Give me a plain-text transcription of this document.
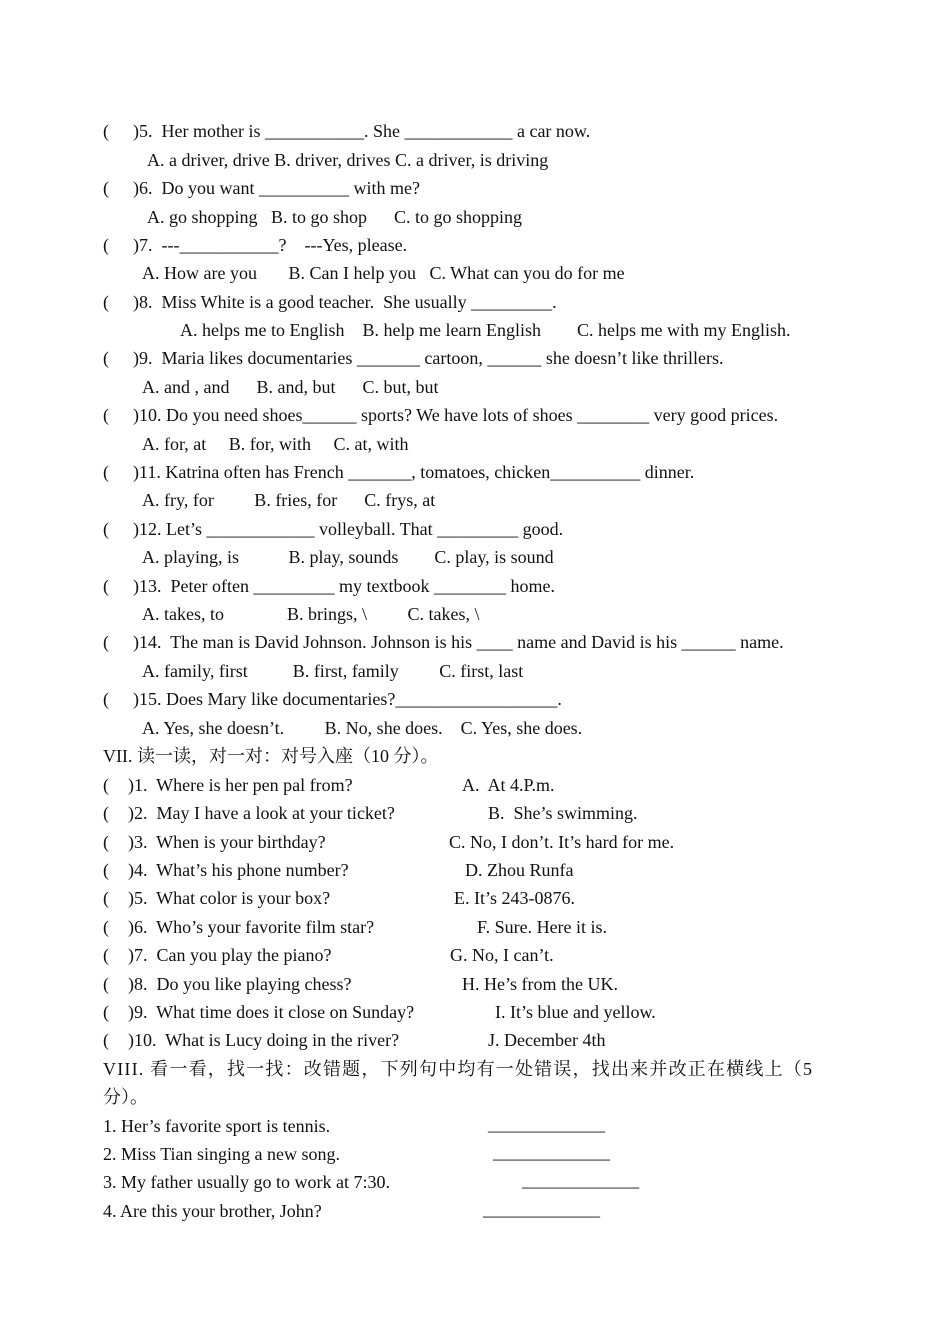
( )5.  Her mother is ___________. She ____________ a car now.
A. a driver, drive B. driver, drives C. a driver, is driving
( )6.  Do you want __________ with me?
A. go shopping   B. to go shop      C. to go shopping
( )7.  ---___________?    ---Yes, please.
A. How are you       B. Can I help you   C. What can you do for me
( )8.  Miss White is a good teacher.  She usually _________.
A. helps me to English    B. help me learn English        C. helps me with my English.
( )9.  Maria likes documentaries _______ cartoon, ______ she doesn’t like thrillers.
A. and , and      B. and, but      C. but, but
( )10. Do you need shoes______ sports? We have lots of shoes ________ very good prices.
A. for, at     B. for, with     C. at, with
( )11. Katrina often has French _______, tomatoes, chicken__________ dinner.
A. fry, for         B. fries, for      C. frys, at
( )12. Let’s ____________ volleyball. That _________ good.
A. playing, is           B. play, sounds        C. play, is sound
( )13.  Peter often _________ my textbook ________ home.
A. takes, to              B. brings, \         C. takes, \
( )14.  The man is David Johnson. Johnson is his ____ name and David is his ______ name.
A. family, first          B. first, family         C. first, last
( )15. Does Mary like documentaries?__________________.
A. Yes, she doesn’t.         B. No, she does.    C. Yes, she does.
VII. 读一读，对一对：对号入座（10 分）。
( )1.  Where is her pen pal from?	A.  At 4.P.m.
( )2.  May I have a look at your ticket?	B.  She’s swimming.
( )3.  When is your birthday?	C. No, I don’t. It’s hard for me.
( )4.  What’s his phone number?	D. Zhou Runfa
( )5.  What color is your box?	E. It’s 243-0876.
( )6.  Who’s your favorite film star?	F. Sure. Here it is.
( )7.  Can you play the piano?	G. No, I can’t.
( )8.  Do you like playing chess?	H. He’s from the UK.
( )9.  What time does it close on Sunday?	I. It’s blue and yellow.
( )10.  What is Lucy doing in the river?	J. December 4th
VIII. 看一看，找一找：改错题，下列句中均有一处错误，找出来并改正在横线上（5
分）。
1. Her’s favorite sport is tennis.	_____________
2. Miss Tian singing a new song.	_____________
3. My father usually go to work at 7:30.	_____________
4. Are this your brother, John?	_____________
